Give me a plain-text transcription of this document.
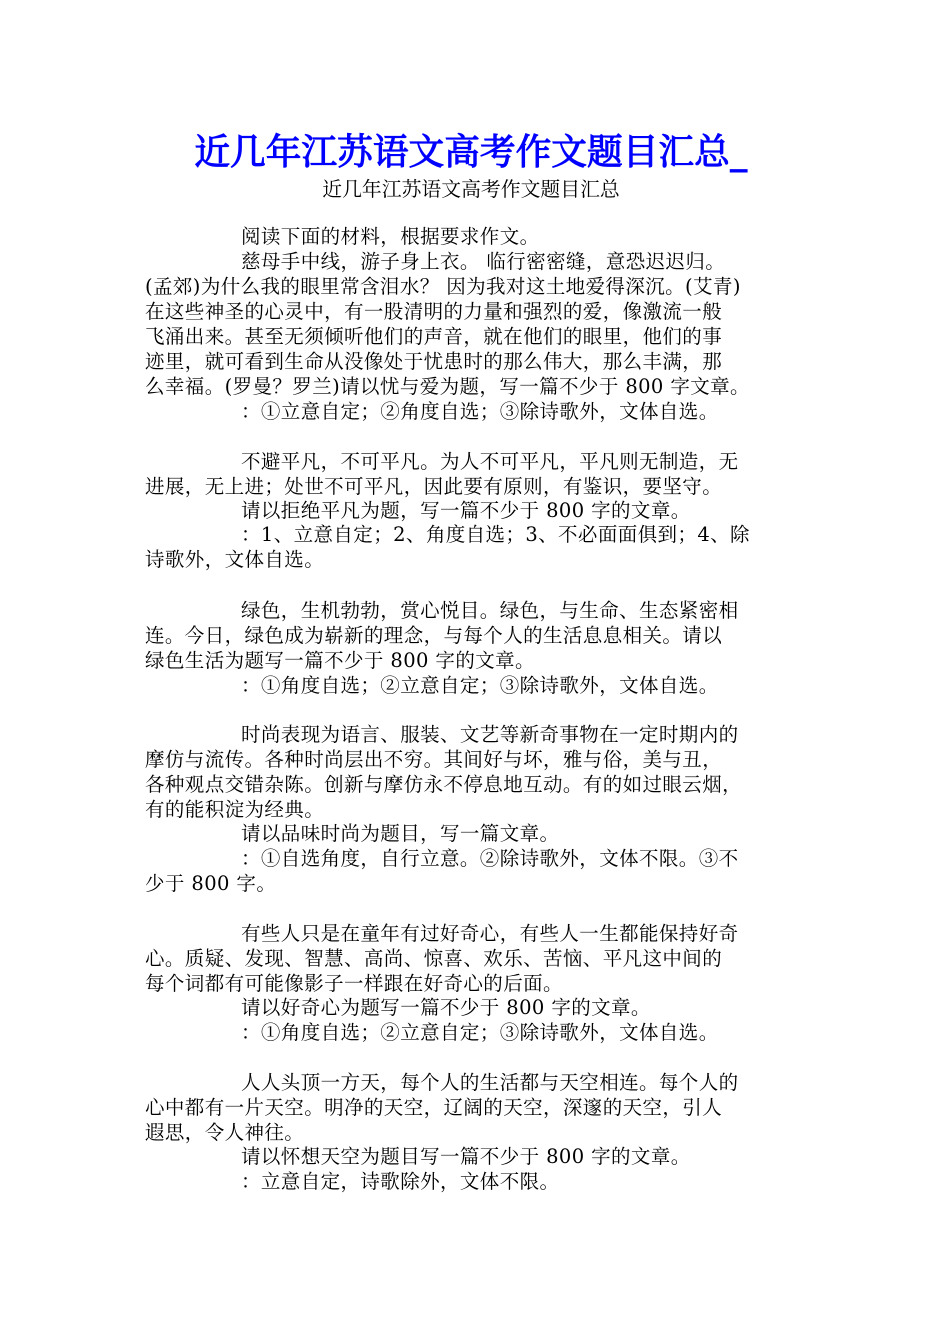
近几年江苏语文高考作文题目汇总_
近几年江苏语文高考作文题目汇总
阅读下面的材料，根据要求作文。
慈母手中线，游子身上衣。 临行密密缝，意恐迟迟归。
(孟郊)为什么我的眼里常含泪水？ 因为我对这土地爱得深沉。(艾青)
在这些神圣的心灵中，有一股清明的力量和强烈的爱，像激流一般
飞涌出来。甚至无须倾听他们的声音，就在他们的眼里，他们的事
迹里，就可看到生命从没像处于忧患时的那么伟大，那么丰满，那
么幸福。(罗曼？罗兰)请以忧与爱为题，写一篇不少于 800 字文章。
：①立意自定；②角度自选；③除诗歌外，文体自选。
不避平凡，不可平凡。为人不可平凡，平凡则无制造，无
进展，无上进；处世不可平凡，因此要有原则，有鉴识，要坚守。
请以拒绝平凡为题，写一篇不少于 800 字的文章。
：1、立意自定；2、角度自选；3、不必面面俱到；4、除
诗歌外，文体自选。
绿色，生机勃勃，赏心悦目。绿色，与生命、生态紧密相
连。今日，绿色成为崭新的理念，与每个人的生活息息相关。请以
绿色生活为题写一篇不少于 800 字的文章。
：①角度自选；②立意自定；③除诗歌外，文体自选。
时尚表现为语言、服装、文艺等新奇事物在一定时期内的
摩仿与流传。各种时尚层出不穷。其间好与坏，雅与俗，美与丑，
各种观点交错杂陈。创新与摩仿永不停息地互动。有的如过眼云烟，
有的能积淀为经典。
请以品味时尚为题目，写一篇文章。
：①自选角度，自行立意。②除诗歌外，文体不限。③不
少于 800 字。
有些人只是在童年有过好奇心，有些人一生都能保持好奇
心。质疑、发现、智慧、高尚、惊喜、欢乐、苦恼、平凡这中间的
每个词都有可能像影子一样跟在好奇心的后面。
请以好奇心为题写一篇不少于 800 字的文章。
：①角度自选；②立意自定；③除诗歌外，文体自选。
人人头顶一方天，每个人的生活都与天空相连。每个人的
心中都有一片天空。明净的天空，辽阔的天空，深邃的天空，引人
遐思，令人神往。
请以怀想天空为题目写一篇不少于 800 字的文章。
：立意自定，诗歌除外，文体不限。
